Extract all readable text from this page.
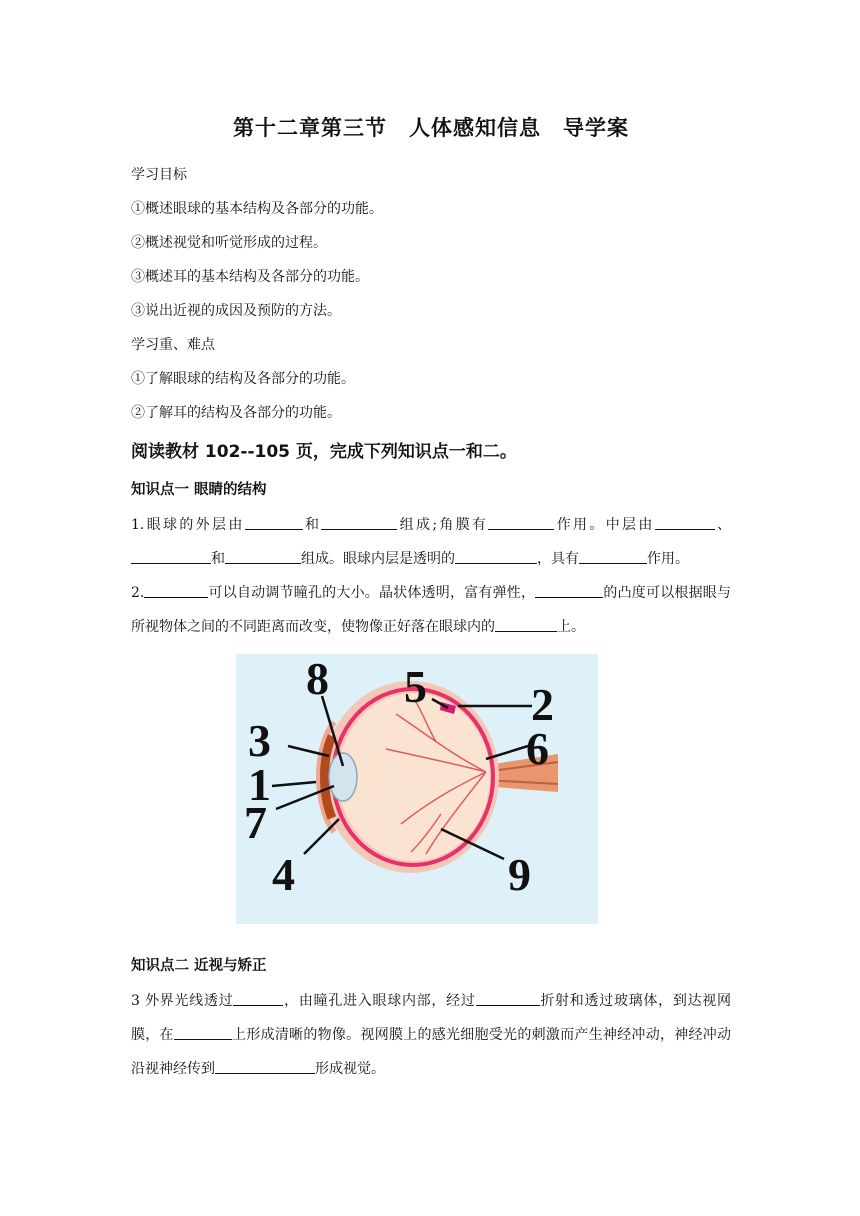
第十二章第三节　人体感知信息　导学案

学习目标

①概述眼球的基本结构及各部分的功能。

②概述视觉和听觉形成的过程。

③概述耳的基本结构及各部分的功能。

③说出近视的成因及预防的方法。

学习重、难点

①了解眼球的结构及各部分的功能。

②了解耳的结构及各部分的功能。

阅读教材 102--105 页，完成下列知识点一和二。
知识点一 眼睛的结构

1.眼球的外层由	和	组成;角膜有	作用。中层由	、和	组成。眼球内层是透明的	，具有	作用。

2.	可以自动调节瞳孔的大小。晶状体透明，富有弹性，	的凸度可以根据眼与所视物体之间的不同距离而改变，使物像正好落在眼球内的	上。

8 5 2
3	6
1
7
4	9
知识点二 近视与矫正

3 外界光线透过	，由瞳孔进入眼球内部，经过	折射和透过玻璃体，到达视网膜，在	上形成清晰的物像。视网膜上的感光细胞受光的刺激而产生神经冲动，神经冲动沿视神经传到	形成视觉。
